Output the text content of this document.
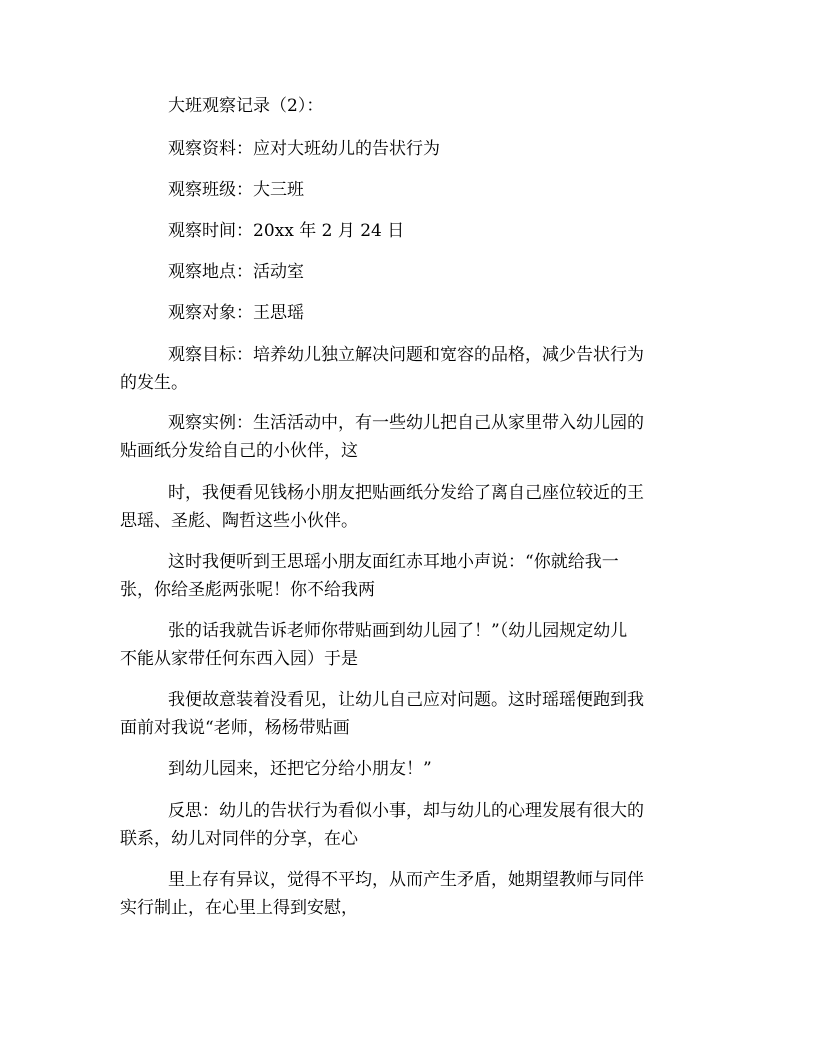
大班观察记录（2）：

观察资料：应对大班幼儿的告状行为

观察班级：大三班

观察时间：20xx 年 2 月 24 日

观察地点：活动室

观察对象：王思瑶

观察目标：培养幼儿独立解决问题和宽容的品格，减少告状行为
的发生。

观察实例：生活活动中，有一些幼儿把自己从家里带入幼儿园的
贴画纸分发给自己的小伙伴，这

时，我便看见钱杨小朋友把贴画纸分发给了离自己座位较近的王
思瑶、圣彪、陶哲这些小伙伴。

这时我便听到王思瑶小朋友面红赤耳地小声说：“你就给我一
张，你给圣彪两张呢！你不给我两

张的话我就告诉老师你带贴画到幼儿园了！”（幼儿园规定幼儿
不能从家带任何东西入园）于是

我便故意装着没看见，让幼儿自己应对问题。这时瑶瑶便跑到我
面前对我说“老师，杨杨带贴画

到幼儿园来，还把它分给小朋友！”

反思：幼儿的告状行为看似小事，却与幼儿的心理发展有很大的
联系，幼儿对同伴的分享，在心

里上存有异议，觉得不平均，从而产生矛盾，她期望教师与同伴
实行制止，在心里上得到安慰，
